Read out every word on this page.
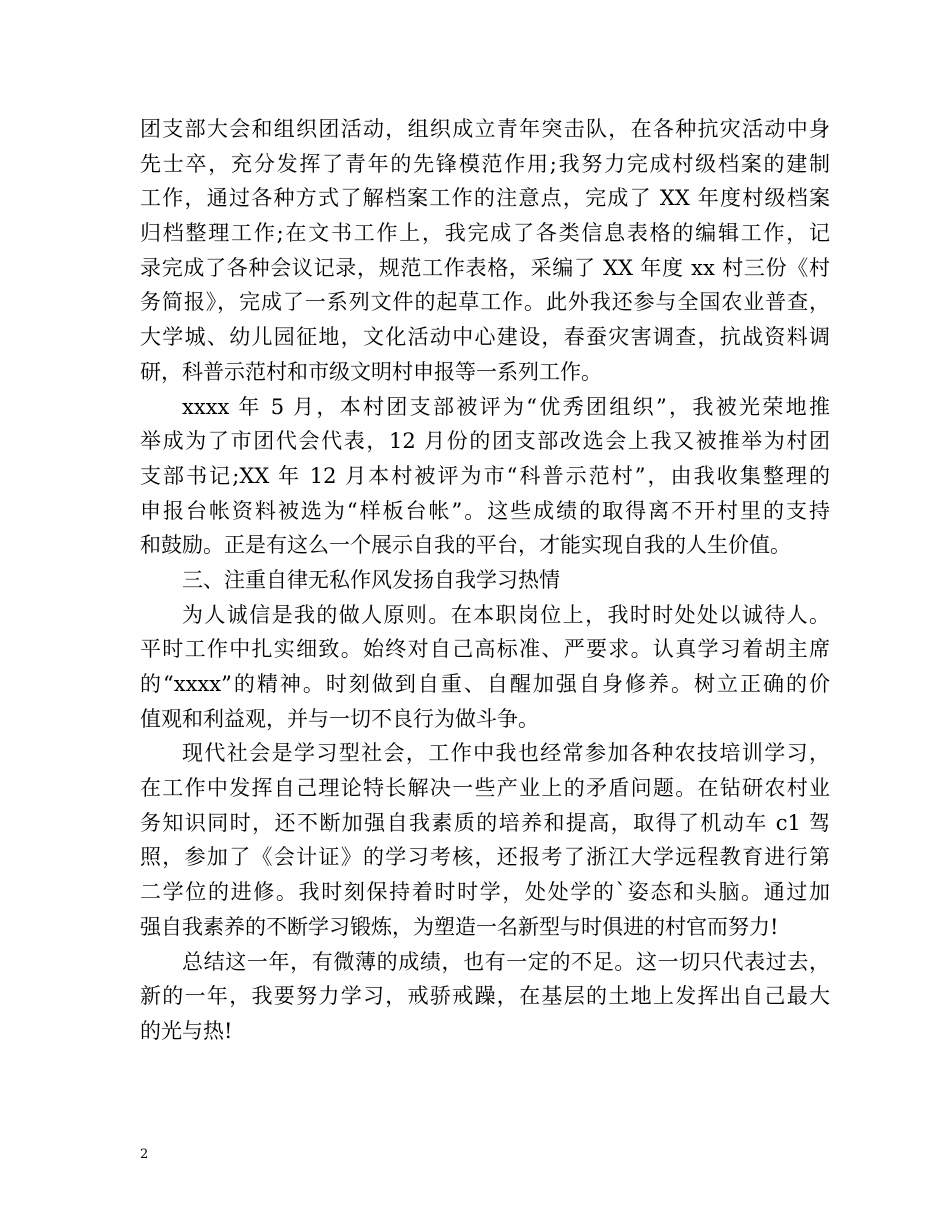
团支部大会和组织团活动，组织成立青年突击队，在各种抗灾活动中身
先士卒，充分发挥了青年的先锋模范作用;我努力完成村级档案的建制
工作，通过各种方式了解档案工作的注意点，完成了 XX 年度村级档案
归档整理工作;在文书工作上，我完成了各类信息表格的编辑工作，记
录完成了各种会议记录，规范工作表格，采编了 XX 年度 xx 村三份《村
务简报》，完成了一系列文件的起草工作。此外我还参与全国农业普查，
大学城、幼儿园征地，文化活动中心建设，春蚕灾害调查，抗战资料调
研，科普示范村和市级文明村申报等一系列工作。
xxxx 年 5 月，本村团支部被评为“优秀团组织”，我被光荣地推
举成为了市团代会代表，12 月份的团支部改选会上我又被推举为村团
支部书记;XX 年 12 月本村被评为市“科普示范村”，由我收集整理的
申报台帐资料被选为“样板台帐”。这些成绩的取得离不开村里的支持
和鼓励。正是有这么一个展示自我的平台，才能实现自我的人生价值。
三、注重自律无私作风发扬自我学习热情
为人诚信是我的做人原则。在本职岗位上，我时时处处以诚待人。
平时工作中扎实细致。始终对自己高标准、严要求。认真学习着胡主席
的“xxxx”的精神。时刻做到自重、自醒加强自身修养。树立正确的价
值观和利益观，并与一切不良行为做斗争。
现代社会是学习型社会，工作中我也经常参加各种农技培训学习，
在工作中发挥自己理论特长解决一些产业上的矛盾问题。在钻研农村业
务知识同时，还不断加强自我素质的培养和提高，取得了机动车 c1 驾
照，参加了《会计证》的学习考核，还报考了浙江大学远程教育进行第
二学位的进修。我时刻保持着时时学，处处学的`姿态和头脑。通过加
强自我素养的不断学习锻炼，为塑造一名新型与时俱进的村官而努力!
总结这一年，有微薄的成绩，也有一定的不足。这一切只代表过去，
新的一年，我要努力学习，戒骄戒躁，在基层的土地上发挥出自己最大
的光与热!
2
